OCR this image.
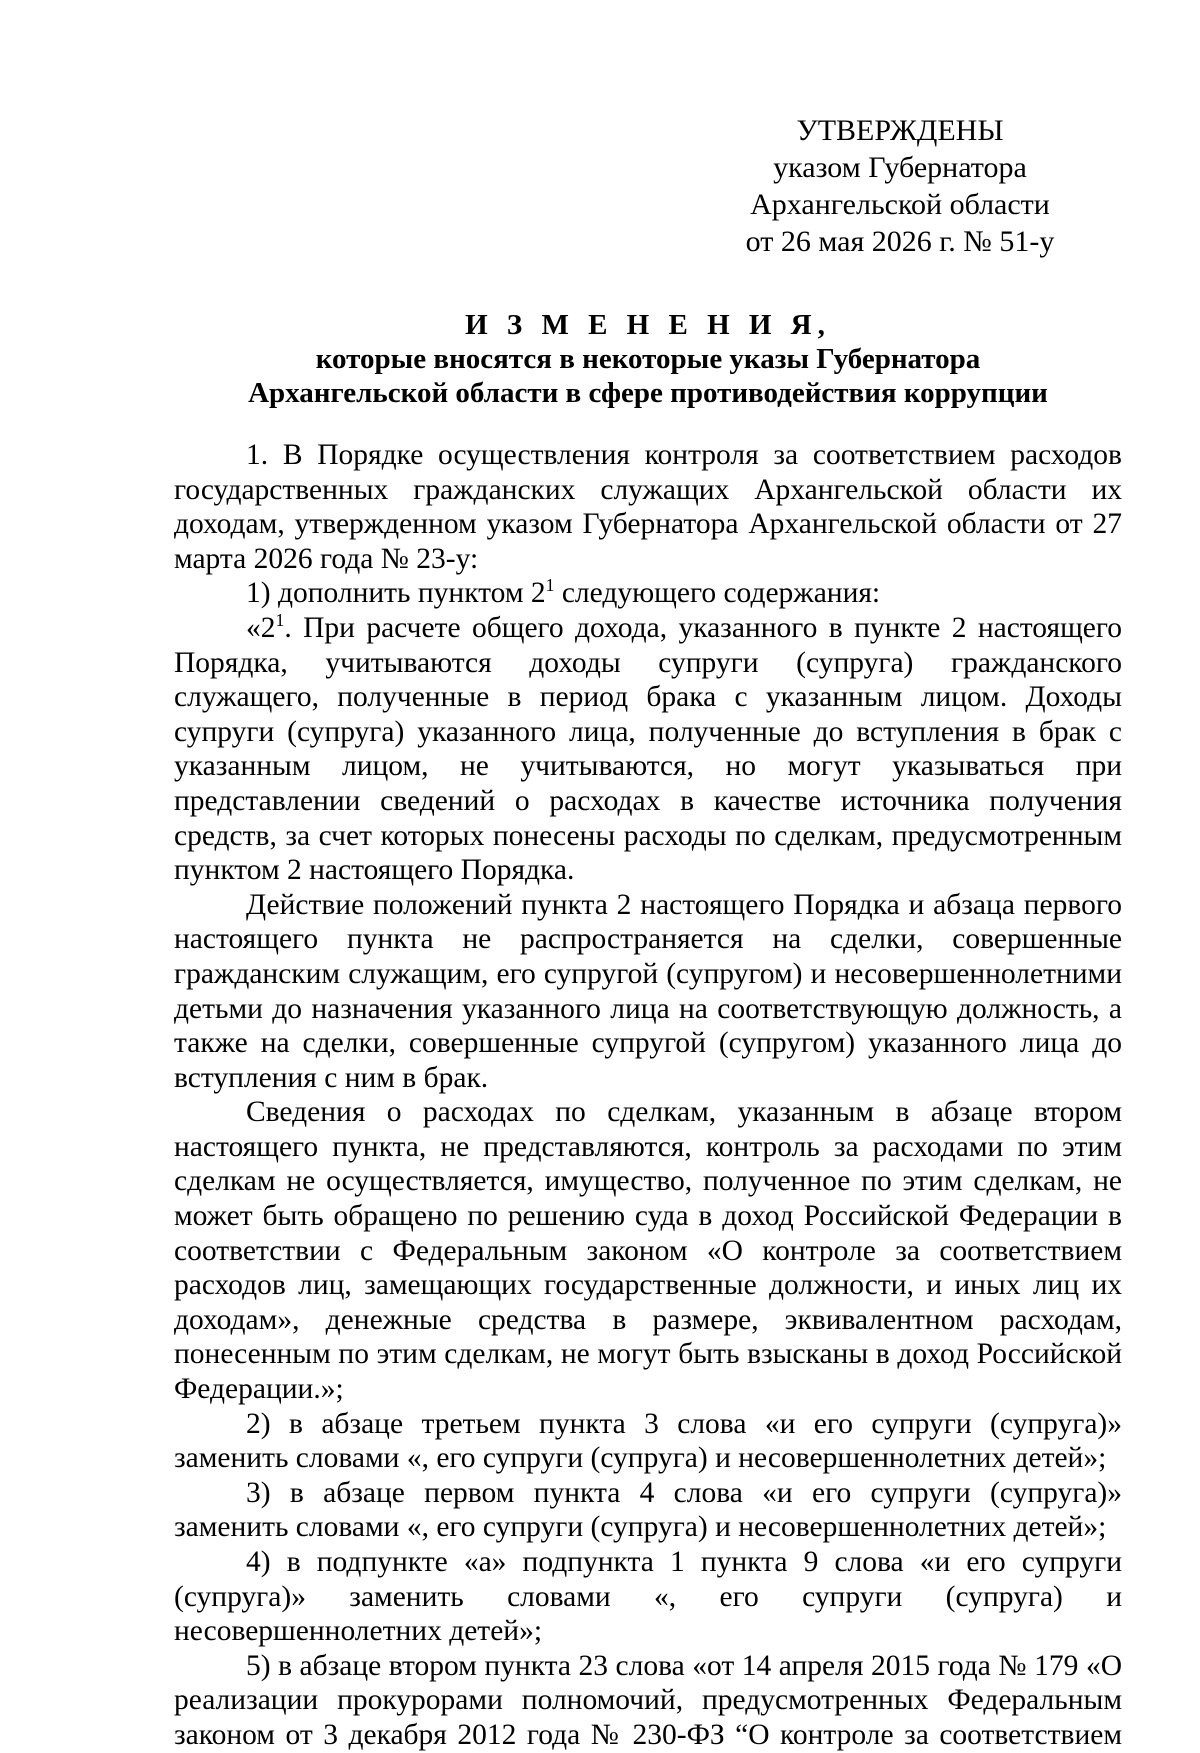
УТВЕРЖДЕНЫ
указом Губернатора
Архангельской области
от 26 мая 2026 г. № 51-у
И З М Е Н Е Н И Я,
которые вносятся в некоторые указы Губернатора
Архангельской области в сфере противодействия коррупции

1. В Порядке осуществления контроля за соответствием расходов государственных гражданских служащих Архангельской области их доходам, утвержденном указом Губернатора Архангельской области от 27 марта 2026 года № 23-у:

1) дополнить пунктом $2^1$ следующего содержания:

«$2^1$. При расчете общего дохода, указанного в пункте 2 настоящего Порядка, учитываются доходы супруги (супруга) гражданского служащего, полученные в период брака с указанным лицом. Доходы супруги (супруга) указанного лица, полученные до вступления в брак с указанным лицом, не учитываются, но могут указываться при представлении сведений о расходах в качестве источника получения средств, за счет которых понесены расходы по сделкам, предусмотренным пунктом 2 настоящего Порядка.

Действие положений пункта 2 настоящего Порядка и абзаца первого настоящего пункта не распространяется на сделки, совершенные гражданским служащим, его супругой (супругом) и несовершеннолетними детьми до назначения указанного лица на соответствующую должность, а также на сделки, совершенные супругой (супругом) указанного лица до вступления с ним в брак.

Сведения о расходах по сделкам, указанным в абзаце втором настоящего пункта, не представляются, контроль за расходами по этим сделкам не осуществляется, имущество, полученное по этим сделкам, не может быть обращено по решению суда в доход Российской Федерации в соответствии с Федеральным законом «О контроле за соответствием расходов лиц, замещающих государственные должности, и иных лиц их доходам», денежные средства в размере, эквивалентном расходам, понесенным по этим сделкам, не могут быть взысканы в доход Российской Федерации.»;

2) в абзаце третьем пункта 3 слова «и его супруги (супруга)» заменить словами «, его супруги (супруга) и несовершеннолетних детей»;

3) в абзаце первом пункта 4 слова «и его супруги (супруга)» заменить словами «, его супруги (супруга) и несовершеннолетних детей»;

4) в подпункте «а» подпункта 1 пункта 9 слова «и его супруги (супруга)» заменить словами «, его супруги (супруга) и несовершеннолетних детей»;

5) в абзаце втором пункта 23 слова «от 14 апреля 2015 года № 179 «О реализации прокурорами полномочий, предусмотренных Федеральным законом от 3 декабря 2012 года № 230-ФЗ “О контроле за соответствием
